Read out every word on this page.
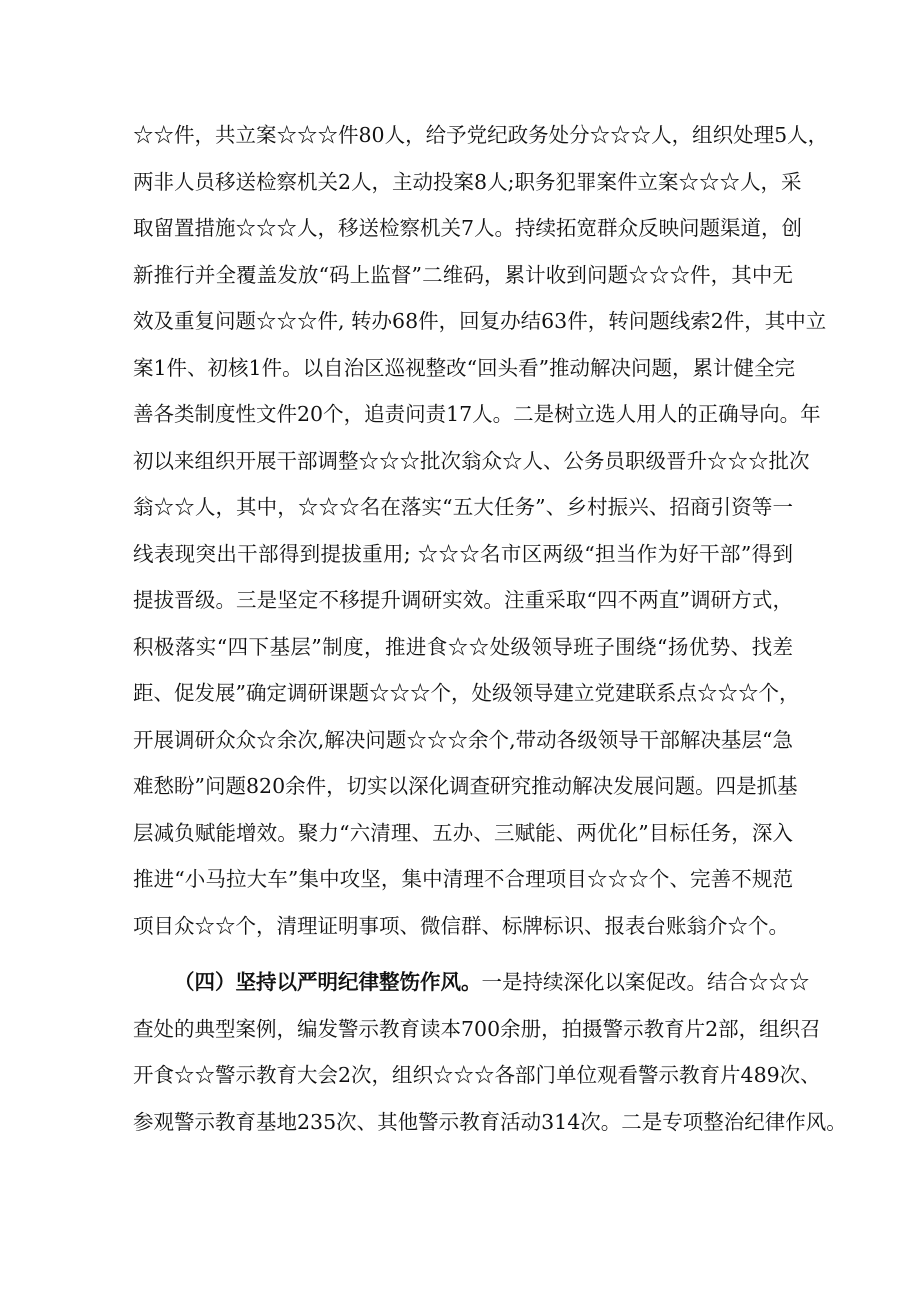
☆☆件，共立案☆☆☆件80人，给予党纪政务处分☆☆☆人，组织处理5人，
两非人员移送检察机关2人，主动投案8人;职务犯罪案件立案☆☆☆人，采
取留置措施☆☆☆人，移送检察机关7人。持续拓宽群众反映问题渠道，创
新推行并全覆盖发放“码上监督”二维码，累计收到问题☆☆☆件，其中无
效及重复问题☆☆☆件, 转办68件，回复办结63件，转问题线索2件，其中立
案1件、初核1件。以自治区巡视整改“回头看”推动解决问题，累计健全完
善各类制度性文件20个，追责问责17人。二是树立选人用人的正确导向。年
初以来组织开展干部调整☆☆☆批次翁众☆人、公务员职级晋升☆☆☆批次
翁☆☆人，其中，☆☆☆名在落实“五大任务”、乡村振兴、招商引资等一
线表现突出干部得到提拔重用; ☆☆☆名市区两级“担当作为好干部”得到
提拔晋级。三是坚定不移提升调研实效。注重采取“四不两直”调研方式，
积极落实“四下基层”制度，推进食☆☆处级领导班子围绕“扬优势、找差
距、促发展”确定调研课题☆☆☆个，处级领导建立党建联系点☆☆☆个，
开展调研众众☆余次,解决问题☆☆☆余个,带动各级领导干部解决基层“急
难愁盼”问题820余件，切实以深化调查研究推动解决发展问题。四是抓基
层减负赋能增效。聚力“六清理、五办、三赋能、两优化”目标任务，深入
推进“小马拉大车”集中攻坚，集中清理不合理项目☆☆☆个、完善不规范
项目众☆☆个，清理证明事项、微信群、标牌标识、报表台账翁介☆个。
（四）坚持以严明纪律整饬作风。一是持续深化以案促改。结合☆☆☆
查处的典型案例，编发警示教育读本700余册，拍摄警示教育片2部，组织召
开食☆☆警示教育大会2次，组织☆☆☆各部门单位观看警示教育片489次、
参观警示教育基地235次、其他警示教育活动314次。二是专项整治纪律作风。
